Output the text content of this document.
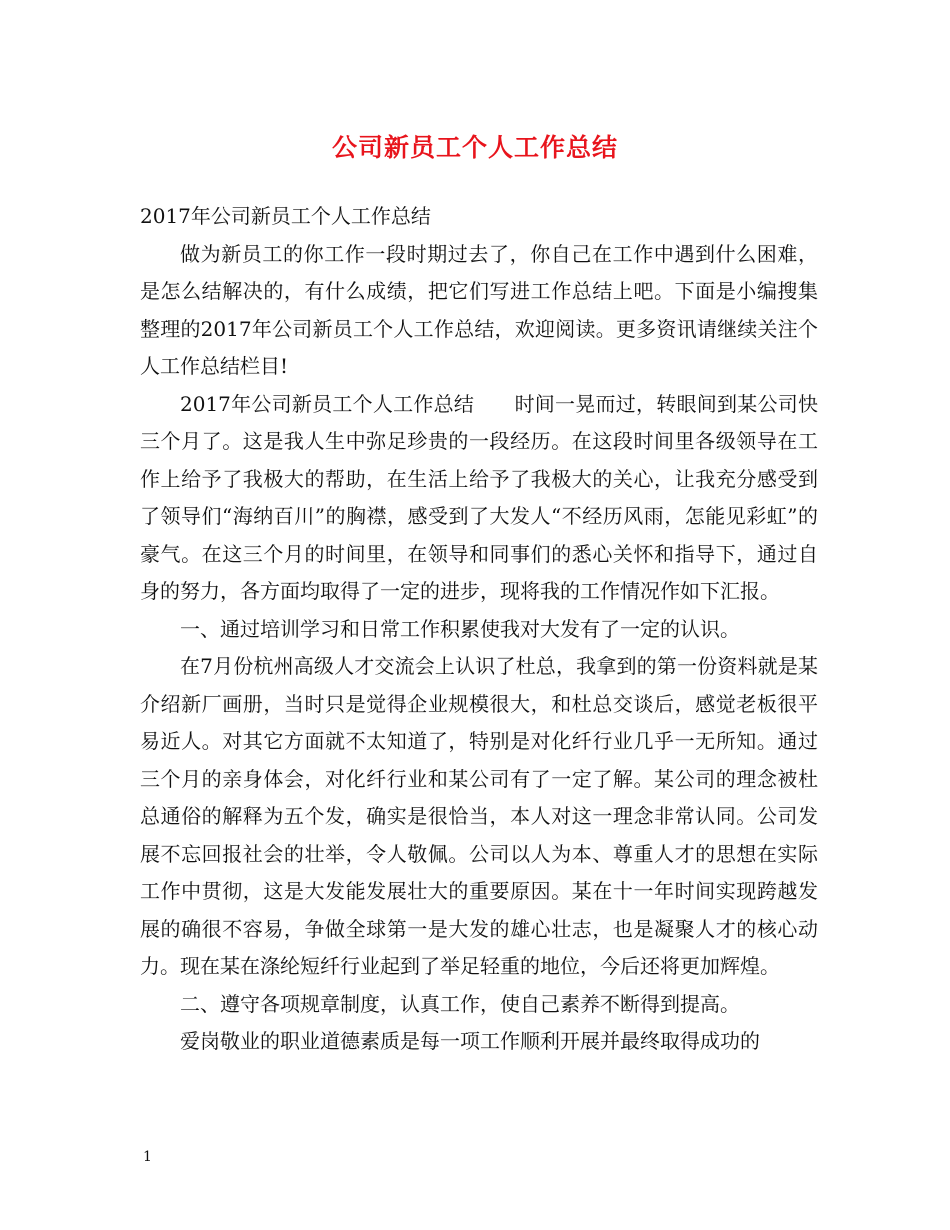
公司新员工个人工作总结

2017年公司新员工个人工作总结

做为新员工的你工作一段时期过去了，你自己在工作中遇到什么困难，是怎么结解决的，有什么成绩，把它们写进工作总结上吧。下面是小编搜集整理的2017年公司新员工个人工作总结，欢迎阅读。更多资讯请继续关注个人工作总结栏目!

2017年公司新员工个人工作总结　　时间一晃而过，转眼间到某公司快三个月了。这是我人生中弥足珍贵的一段经历。在这段时间里各级领导在工作上给予了我极大的帮助，在生活上给予了我极大的关心，让我充分感受到了领导们“海纳百川”的胸襟，感受到了大发人“不经历风雨，怎能见彩虹”的豪气。在这三个月的时间里，在领导和同事们的悉心关怀和指导下，通过自身的努力，各方面均取得了一定的进步，现将我的工作情况作如下汇报。

一、通过培训学习和日常工作积累使我对大发有了一定的认识。

在7月份杭州高级人才交流会上认识了杜总，我拿到的第一份资料就是某介绍新厂画册，当时只是觉得企业规模很大，和杜总交谈后，感觉老板很平易近人。对其它方面就不太知道了，特别是对化纤行业几乎一无所知。通过三个月的亲身体会，对化纤行业和某公司有了一定了解。某公司的理念被杜总通俗的解释为五个发，确实是很恰当，本人对这一理念非常认同。公司发展不忘回报社会的壮举，令人敬佩。公司以人为本、尊重人才的思想在实际工作中贯彻，这是大发能发展壮大的重要原因。某在十一年时间实现跨越发展的确很不容易，争做全球第一是大发的雄心壮志，也是凝聚人才的核心动力。现在某在涤纶短纤行业起到了举足轻重的地位，今后还将更加辉煌。

二、遵守各项规章制度，认真工作，使自己素养不断得到提高。

爱岗敬业的职业道德素质是每一项工作顺利开展并最终取得成功的

1
